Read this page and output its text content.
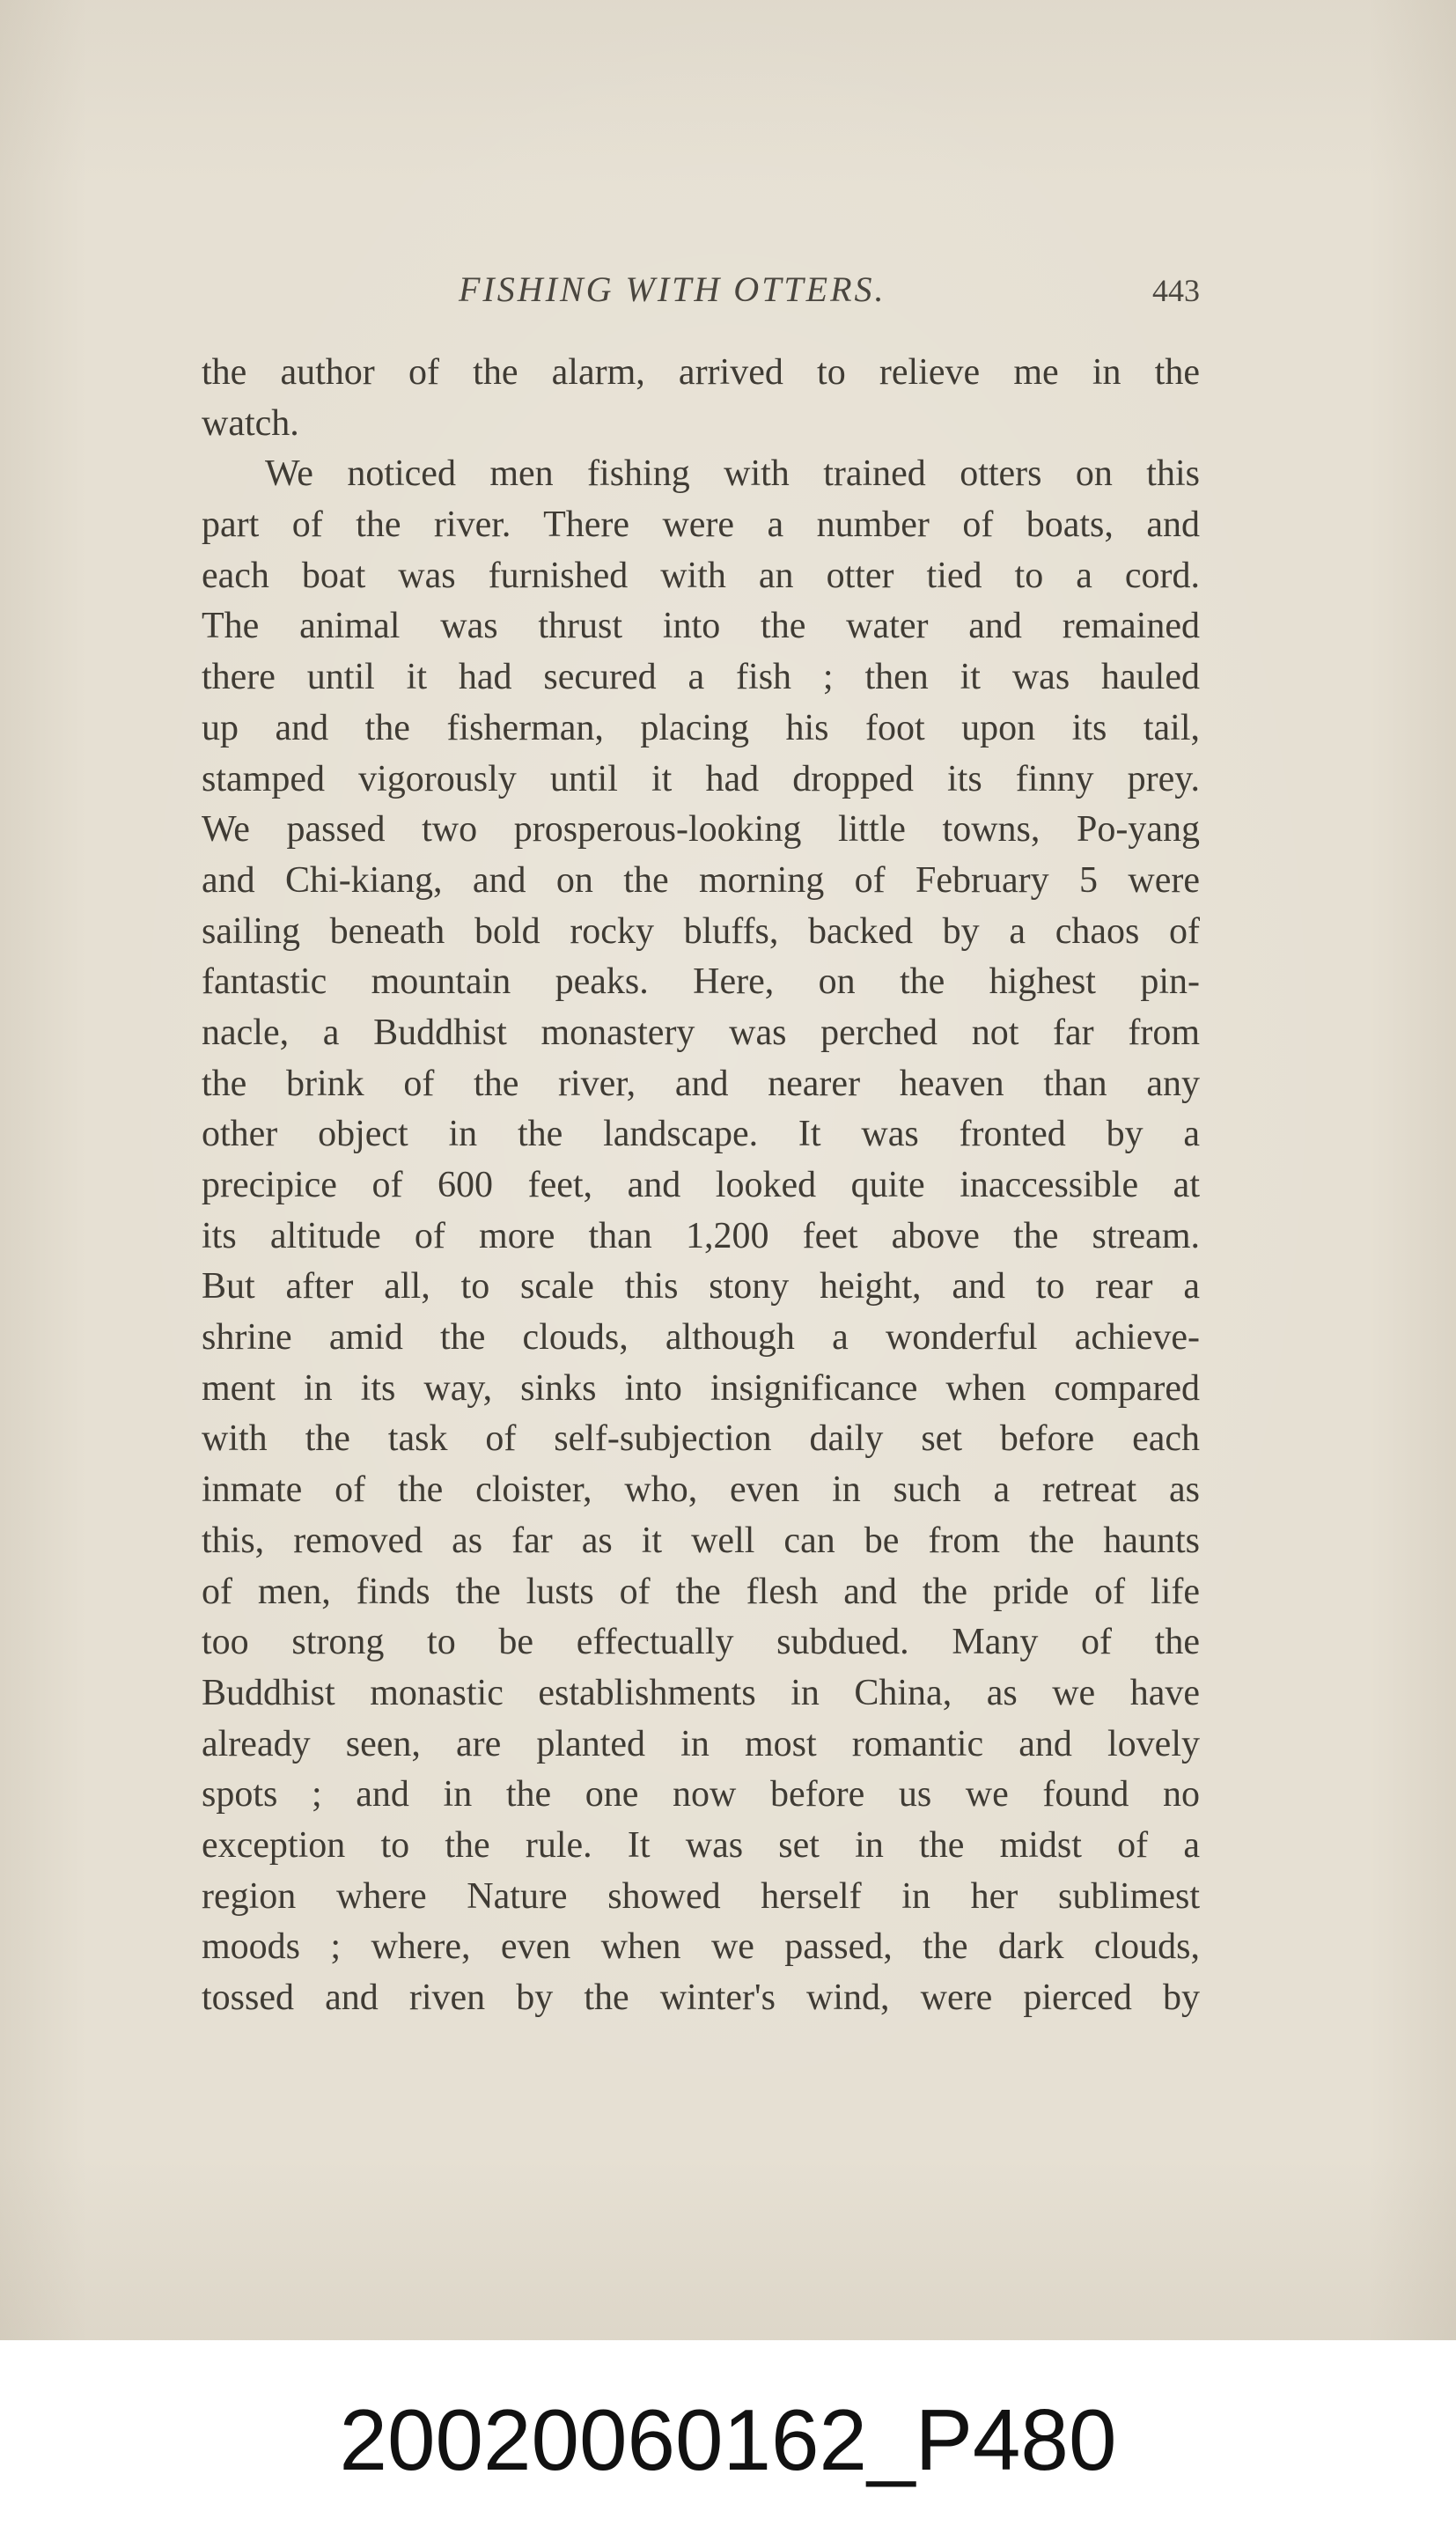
FISHING WITH OTTERS.	443
the author of the alarm, arrived to relieve me in the
watch.
We noticed men fishing with trained otters on this
part of the river. There were a number of boats, and
each boat was furnished with an otter tied to a cord.
The animal was thrust into the water and remained
there until it had secured a fish ; then it was hauled
up and the fisherman, placing his foot upon its tail,
stamped vigorously until it had dropped its finny prey.
We passed two prosperous-looking little towns, Po-yang
and Chi-kiang, and on the morning of February 5 were
sailing beneath bold rocky bluffs, backed by a chaos of
fantastic mountain peaks. Here, on the highest pin-
nacle, a Buddhist monastery was perched not far from
the brink of the river, and nearer heaven than any
other object in the landscape. It was fronted by a
precipice of 600 feet, and looked quite inaccessible at
its altitude of more than 1,200 feet above the stream.
But after all, to scale this stony height, and to rear a
shrine amid the clouds, although a wonderful achieve-
ment in its way, sinks into insignificance when compared
with the task of self-subjection daily set before each
inmate of the cloister, who, even in such a retreat as
this, removed as far as it well can be from the haunts
of men, finds the lusts of the flesh and the pride of life
too strong to be effectually subdued. Many of the
Buddhist monastic establishments in China, as we have
already seen, are planted in most romantic and lovely
spots ; and in the one now before us we found no
exception to the rule. It was set in the midst of a
region where Nature showed herself in her sublimest
moods ; where, even when we passed, the dark clouds,
tossed and riven by the winter's wind, were pierced by
20020060162_P480
